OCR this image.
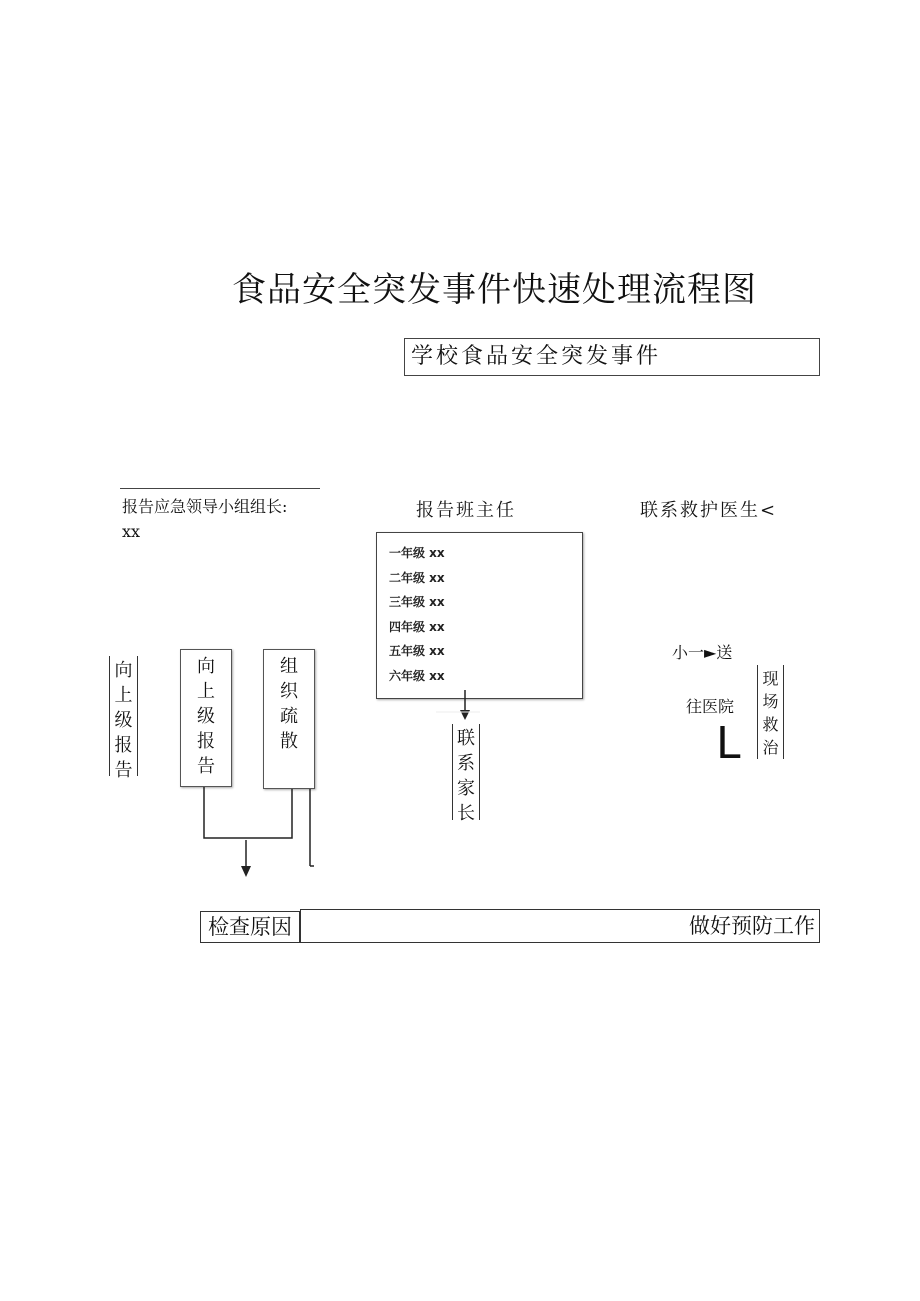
食品安全突发事件快速处理流程图
学校食品安全突发事件
报告应急领导小组组长:
xx
报告班主任	联系救护医生<
一年级 xx
二年级 xx
三年级 xx
四年级 xx
五年级 xx
六年级 xx
向
上
级
报
告
向
上
级
报
告
组
织
疏
散	联
系
家
长
小一►送
往医院
L
现
场
救
治
检查原因	做好预防工作
